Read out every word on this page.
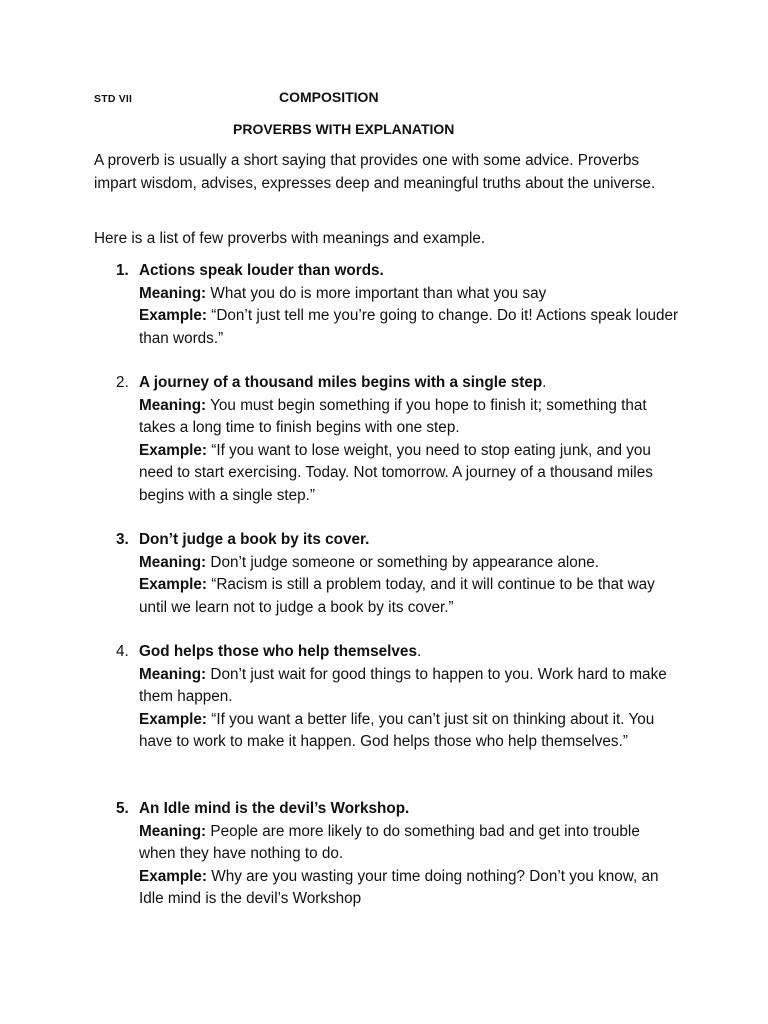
STD VII	COMPOSITION
PROVERBS WITH EXPLANATION
A proverb is usually a short saying that provides one with some advice. Proverbs impart wisdom, advises, expresses deep and meaningful truths about the universe.
Here is a list of few proverbs with meanings and example.
1. Actions speak louder than words.
Meaning: What you do is more important than what you say
Example: “Don’t just tell me you’re going to change. Do it! Actions speak louder than words.”
2. A journey of a thousand miles begins with a single step.
Meaning: You must begin something if you hope to finish it; something that takes a long time to finish begins with one step.
Example: “If you want to lose weight, you need to stop eating junk, and you need to start exercising. Today. Not tomorrow. A journey of a thousand miles begins with a single step.”
3. Don’t judge a book by its cover.
Meaning: Don’t judge someone or something by appearance alone.
Example: “Racism is still a problem today, and it will continue to be that way until we learn not to judge a book by its cover.”
4. God helps those who help themselves.
Meaning: Don’t just wait for good things to happen to you. Work hard to make them happen.
Example: “If you want a better life, you can’t just sit on thinking about it. You have to work to make it happen. God helps those who help themselves.”
5. An Idle mind is the devil’s Workshop.
Meaning: People are more likely to do something bad and get into trouble when they have nothing to do.
Example: Why are you wasting your time doing nothing? Don’t you know, an Idle mind is the devil’s Workshop
